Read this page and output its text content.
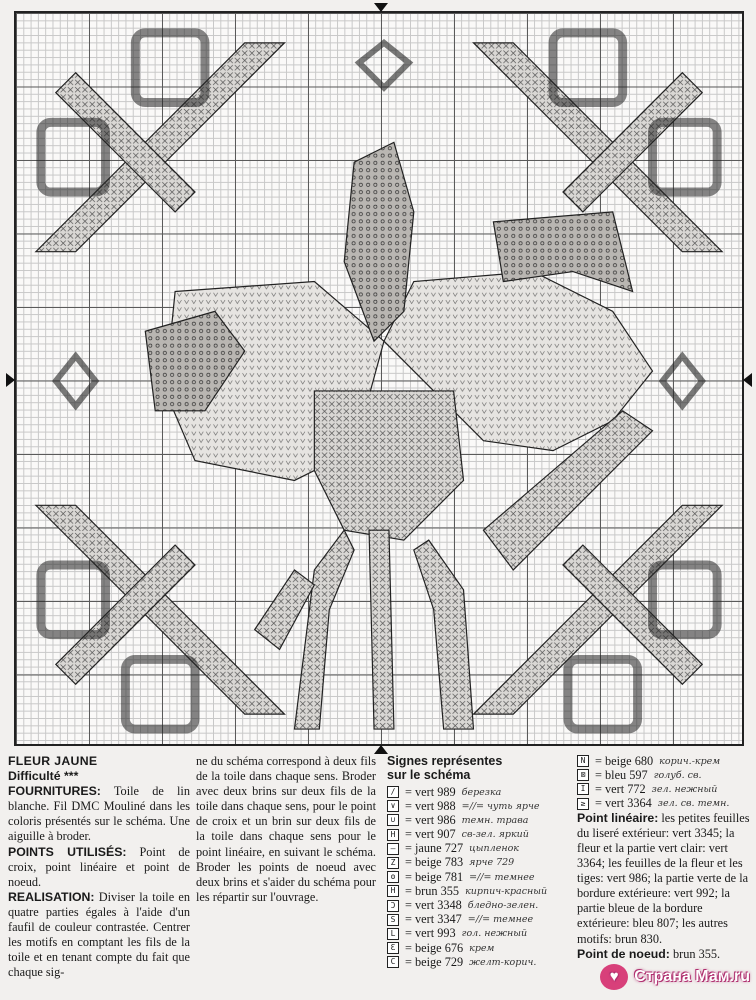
FLEUR JAUNE
Difficulté ***
FOURNITURES: Toile de lin blanche. Fil DMC Mouliné dans les coloris présentés sur le schéma. Une aiguille à broder.
POINTS UTILISÉS: Point de croix, point linéaire et point de noeud.
REALISATION: Diviser la toile en quatre parties égales à l'aide d'un faufil de couleur contrastée. Centrer les motifs en comptant les fils de la toile et en tenant compte du fait que chaque sig-
ne du schéma correspond à deux fils de la toile dans chaque sens. Broder avec deux brins sur deux fils de la toile dans chaque sens, pour le point de croix et un brin sur deux fils de la toile dans chaque sens pour le point linéaire, en suivant le schéma. Broder les points de noeud avec deux brins et s'aider du schéma pour les répartir sur l'ouvrage.
Signes représentes
sur le schéma
∕ = vert 989 березка
∨ = vert 988 =//= чуть ярче
∪ = vert 986 темн. трава
H = vert 907 св-зел. яркий
— = jaune 727 цыпленок
Z = beige 783 ярче 729
ʘ = beige 781 =//= темнее
H = brun 355 кирпич-красный
Ɔ = vert 3348 бледно-зелен.
S = vert 3347 =//= темнее
L = vert 993 гол. нежный
Ɛ = beige 676 крем
C = beige 729 желт-корич.
N = beige 680 корич.-крем
⊠ = bleu 597 голуб. св.
I = vert 772 зел. нежный
≥ = vert 3364 зел. св. темн.
Point linéaire: les petites feuilles du liseré extérieur: vert 3345; la fleur et la partie vert clair: vert 3364; les feuilles de la fleur et les tiges: vert 986; la partie verte de la bordure extérieure: vert 992; la partie bleue de la bordure extérieure: bleu 807; les autres motifs: brun 830.
Point de noeud: brun 355.
♥ Страна Мам .ru
